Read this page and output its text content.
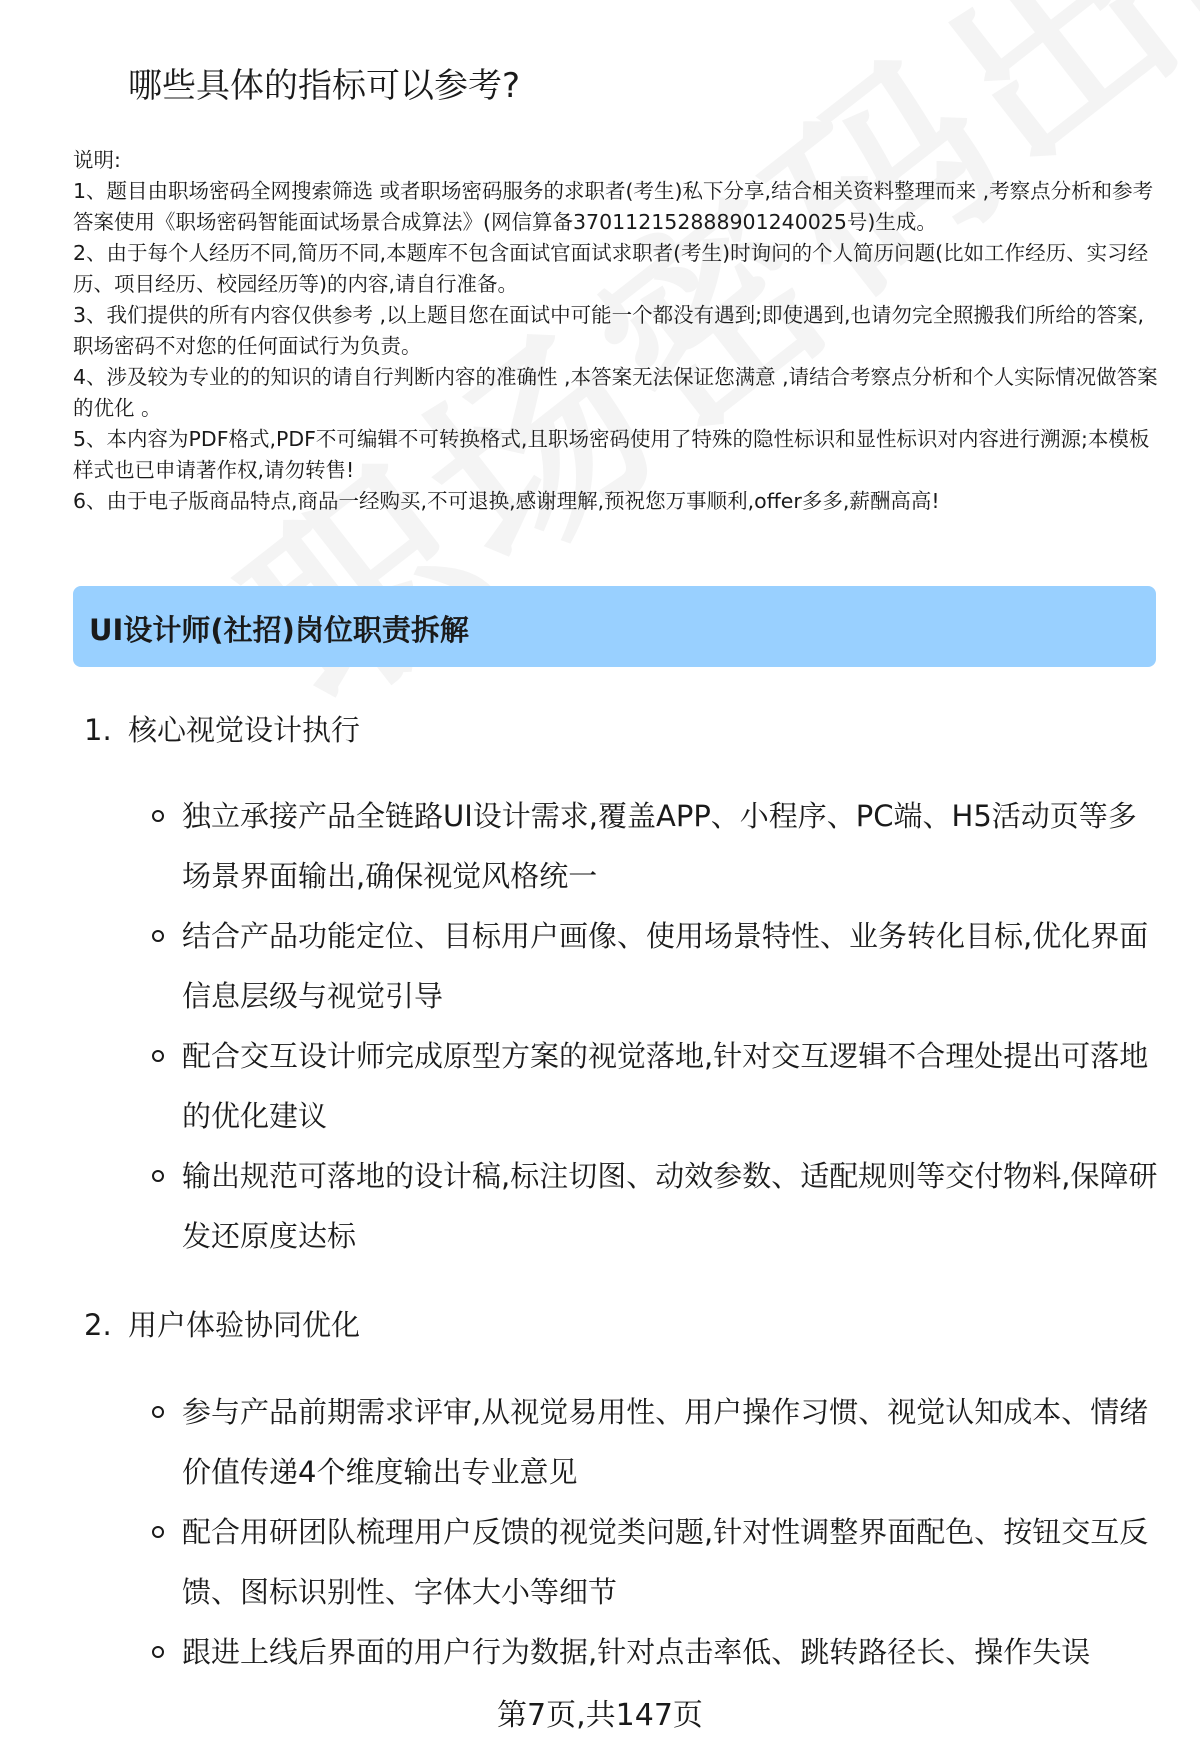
哪些具体的指标可以参考?

说明:

1、题目由职场密码全网搜索筛选 或者职场密码服务的求职者(考生)私下分享,结合相关资料整理而来 ,考察点分析和参考答案使用《职场密码智能面试场景合成算法》(网信算备370112152888901240025号)生成。

2、由于每个人经历不同,简历不同,本题库不包含面试官面试求职者(考生)时询问的个人简历问题(比如工作经历、实习经历、项目经历、校园经历等)的内容,请自行准备。

3、我们提供的所有内容仅供参考 ,以上题目您在面试中可能一个都没有遇到;即使遇到,也请勿完全照搬我们所给的答案,职场密码不对您的任何面试行为负责。

4、涉及较为专业的的知识的请自行判断内容的准确性 ,本答案无法保证您满意 ,请结合考察点分析和个人实际情况做答案的优化 。

5、本内容为PDF格式,PDF不可编辑不可转换格式,且职场密码使用了特殊的隐性标识和显性标识对内容进行溯源;本模板样式也已申请著作权,请勿转售!

6、由于电子版商品特点,商品一经购买,不可退换,感谢理解,预祝您万事顺利,offer多多,薪酬高高!

UI设计师(社招)岗位职责拆解
1. 核心视觉设计执行
独立承接产品全链路UI设计需求,覆盖APP、小程序、PC端、H5活动页等多场景界面输出,确保视觉风格统一
结合产品功能定位、目标用户画像、使用场景特性、业务转化目标,优化界面信息层级与视觉引导
配合交互设计师完成原型方案的视觉落地,针对交互逻辑不合理处提出可落地的优化建议
输出规范可落地的设计稿,标注切图、动效参数、适配规则等交付物料,保障研发还原度达标
2. 用户体验协同优化
参与产品前期需求评审,从视觉易用性、用户操作习惯、视觉认知成本、情绪价值传递4个维度输出专业意见
配合用研团队梳理用户反馈的视觉类问题,针对性调整界面配色、按钮交互反馈、图标识别性、字体大小等细节
跟进上线后界面的用户行为数据,针对点击率低、跳转路径长、操作失误
第7页,共147页
